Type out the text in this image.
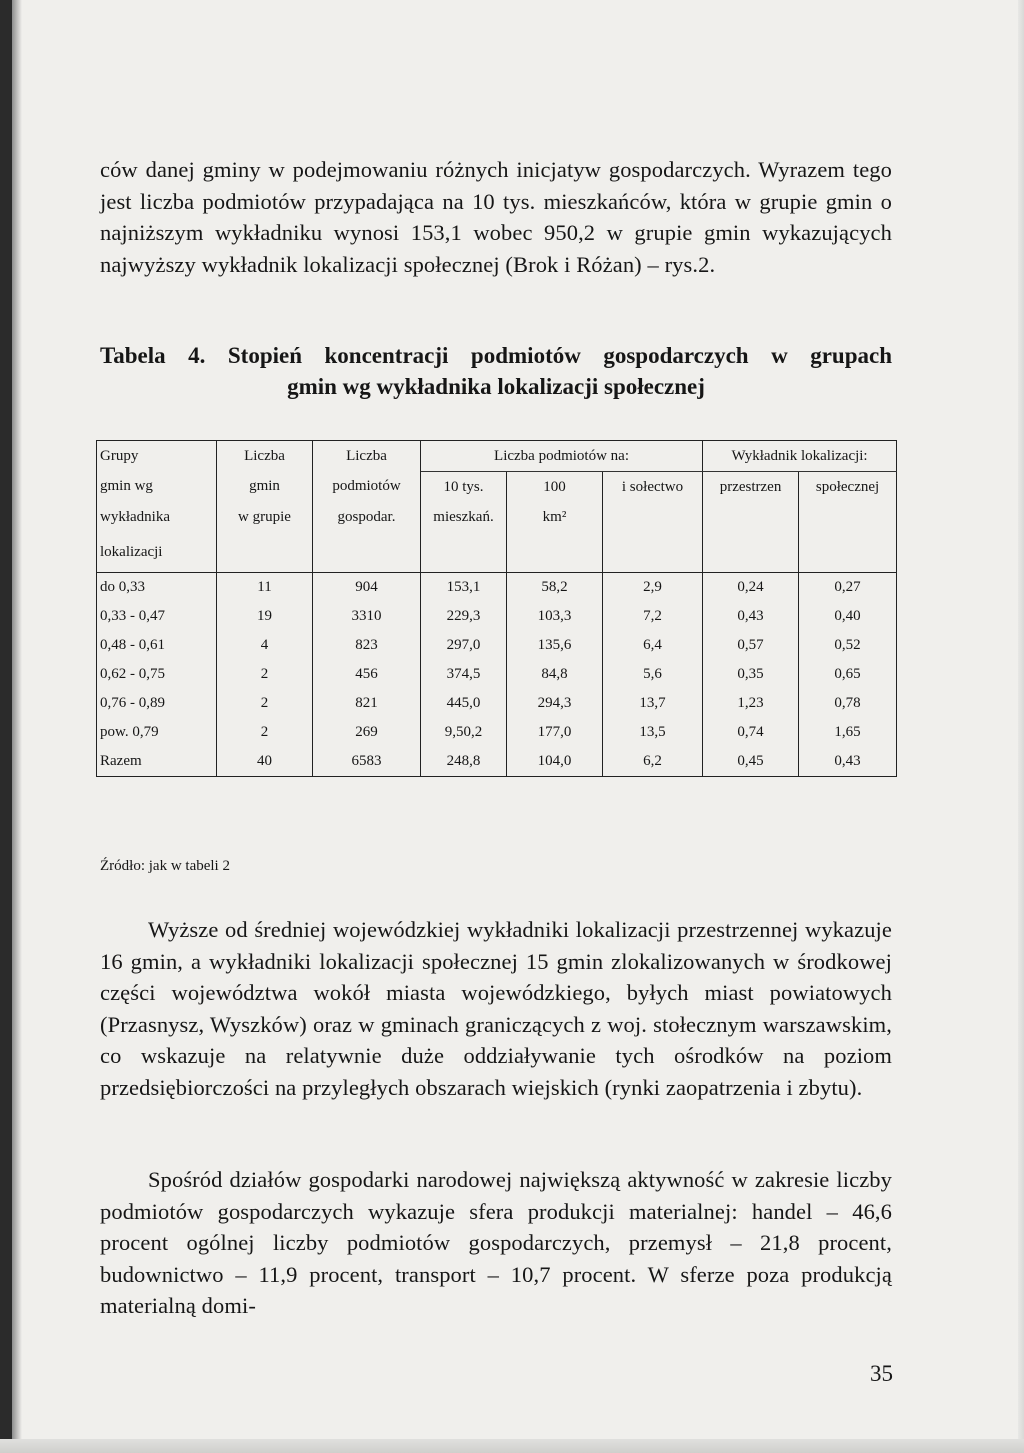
ców danej gminy w podejmowaniu różnych inicjatyw gospodarczych. Wyrazem tego jest liczba podmiotów przypadająca na 10 tys. mieszkańców, która w grupie gmin o najniższym wykładniku wynosi 153,1 wobec 950,2 w grupie gmin wykazujących najwyższy wykładnik lokalizacji społecznej (Brok i Różan) – rys.2.

Tabela 4. Stopień koncentracji podmiotów gospodarczych w grupach
gmin wg wykładnika lokalizacji społecznej
Grupy	Liczba	Liczba	Liczba podmiotów na:			Wykładnik lokalizacji:	
gmin wg	gmin	podmiotów	10 tys.	100	i sołectwo	przestrzen	społecznej
wykładnika	w grupie	gospodar.	mieszkań.	km²			
lokalizacji							
do 0,33	11	904	153,1	58,2	2,9	0,24	0,27
0,33 - 0,47	19	3310	229,3	103,3	7,2	0,43	0,40
0,48 - 0,61	4	823	297,0	135,6	6,4	0,57	0,52
0,62 - 0,75	2	456	374,5	84,8	5,6	0,35	0,65
0,76 - 0,89	2	821	445,0	294,3	13,7	1,23	0,78
pow. 0,79	2	269	9,50,2	177,0	13,5	0,74	1,65
Razem	40	6583	248,8	104,0	6,2	0,45	0,43

Źródło: jak w tabeli 2

Wyższe od średniej wojewódzkiej wykładniki lokalizacji przestrzennej wykazuje 16 gmin, a wykładniki lokalizacji społecznej 15 gmin zlokalizowanych w środkowej części województwa wokół miasta wojewódzkiego, byłych miast powiatowych (Przasnysz, Wyszków) oraz w gminach graniczących z woj. stołecznym warszawskim, co wskazuje na relatywnie duże oddziaływanie tych ośrodków na poziom przedsiębiorczości na przyległych obszarach wiejskich (rynki zaopatrzenia i zbytu).

Spośród działów gospodarki narodowej największą aktywność w zakresie liczby podmiotów gospodarczych wykazuje sfera produkcji materialnej: handel – 46,6 procent ogólnej liczby podmiotów gospodarczych, przemysł – 21,8 procent, budownictwo – 11,9 procent, transport – 10,7 procent. W sferze poza produkcją materialną domi-

35
